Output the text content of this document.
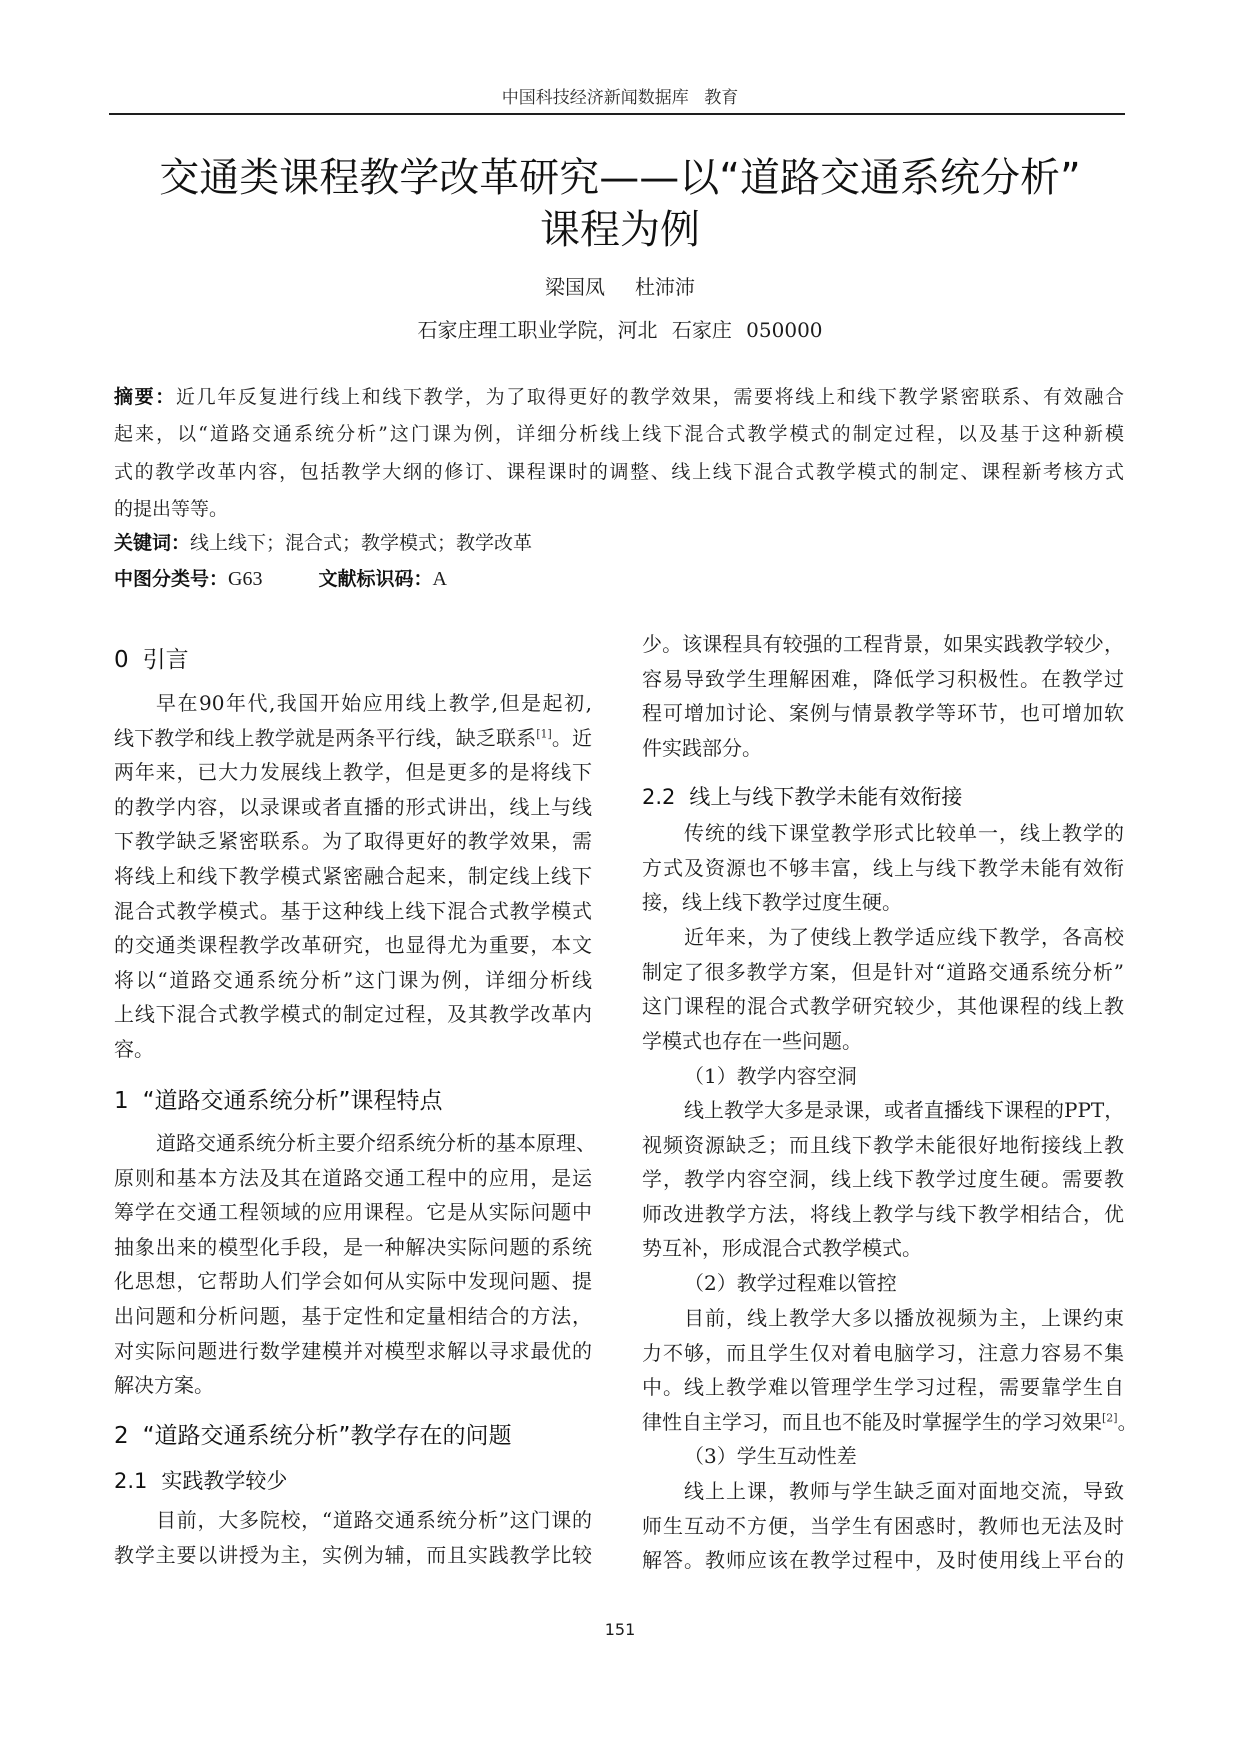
中国科技经济新闻数据库 教育
交通类课程教学改革研究——以“道路交通系统分析”
课程为例
梁国凤 杜沛沛
石家庄理工职业学院，河北 石家庄 050000
摘要：近几年反复进行线上和线下教学，为了取得更好的教学效果，需要将线上和线下教学紧密联系、有效融合
起来，以“道路交通系统分析”这门课为例，详细分析线上线下混合式教学模式的制定过程，以及基于这种新模
式的教学改革内容，包括教学大纲的修订、课程课时的调整、线上线下混合式教学模式的制定、课程新考核方式
的提出等等。
关键词：线上线下；混合式；教学模式；教学改革
中图分类号：G63	文献标识码：A
0 引言
早在90年代,我国开始应用线上教学,但是起初,
线下教学和线上教学就是两条平行线，缺乏联系[1]。近
两年来，已大力发展线上教学，但是更多的是将线下
的教学内容，以录课或者直播的形式讲出，线上与线
下教学缺乏紧密联系。为了取得更好的教学效果，需
将线上和线下教学模式紧密融合起来，制定线上线下
混合式教学模式。基于这种线上线下混合式教学模式
的交通类课程教学改革研究，也显得尤为重要，本文
将以“道路交通系统分析”这门课为例，详细分析线
上线下混合式教学模式的制定过程，及其教学改革内
容。
1 “道路交通系统分析”课程特点
道路交通系统分析主要介绍系统分析的基本原理、
原则和基本方法及其在道路交通工程中的应用，是运
筹学在交通工程领域的应用课程。它是从实际问题中
抽象出来的模型化手段，是一种解决实际问题的系统
化思想，它帮助人们学会如何从实际中发现问题、提
出问题和分析问题，基于定性和定量相结合的方法，
对实际问题进行数学建模并对模型求解以寻求最优的
解决方案。
2 “道路交通系统分析”教学存在的问题
2.1 实践教学较少
目前，大多院校，“道路交通系统分析”这门课的
教学主要以讲授为主，实例为辅，而且实践教学比较
少。该课程具有较强的工程背景，如果实践教学较少，
容易导致学生理解困难，降低学习积极性。在教学过
程可增加讨论、案例与情景教学等环节，也可增加软
件实践部分。
2.2 线上与线下教学未能有效衔接
传统的线下课堂教学形式比较单一，线上教学的
方式及资源也不够丰富，线上与线下教学未能有效衔
接，线上线下教学过度生硬。
近年来，为了使线上教学适应线下教学，各高校
制定了很多教学方案，但是针对“道路交通系统分析”
这门课程的混合式教学研究较少，其他课程的线上教
学模式也存在一些问题。
（1）教学内容空洞
线上教学大多是录课，或者直播线下课程的PPT，
视频资源缺乏；而且线下教学未能很好地衔接线上教
学，教学内容空洞，线上线下教学过度生硬。需要教
师改进教学方法，将线上教学与线下教学相结合，优
势互补，形成混合式教学模式。
（2）教学过程难以管控
目前，线上教学大多以播放视频为主，上课约束
力不够，而且学生仅对着电脑学习，注意力容易不集
中。线上教学难以管理学生学习过程，需要靠学生自
律性自主学习，而且也不能及时掌握学生的学习效果[2]。
（3）学生互动性差
线上上课，教师与学生缺乏面对面地交流，导致
师生互动不方便，当学生有困惑时，教师也无法及时
解答。教师应该在教学过程中，及时使用线上平台的
151
